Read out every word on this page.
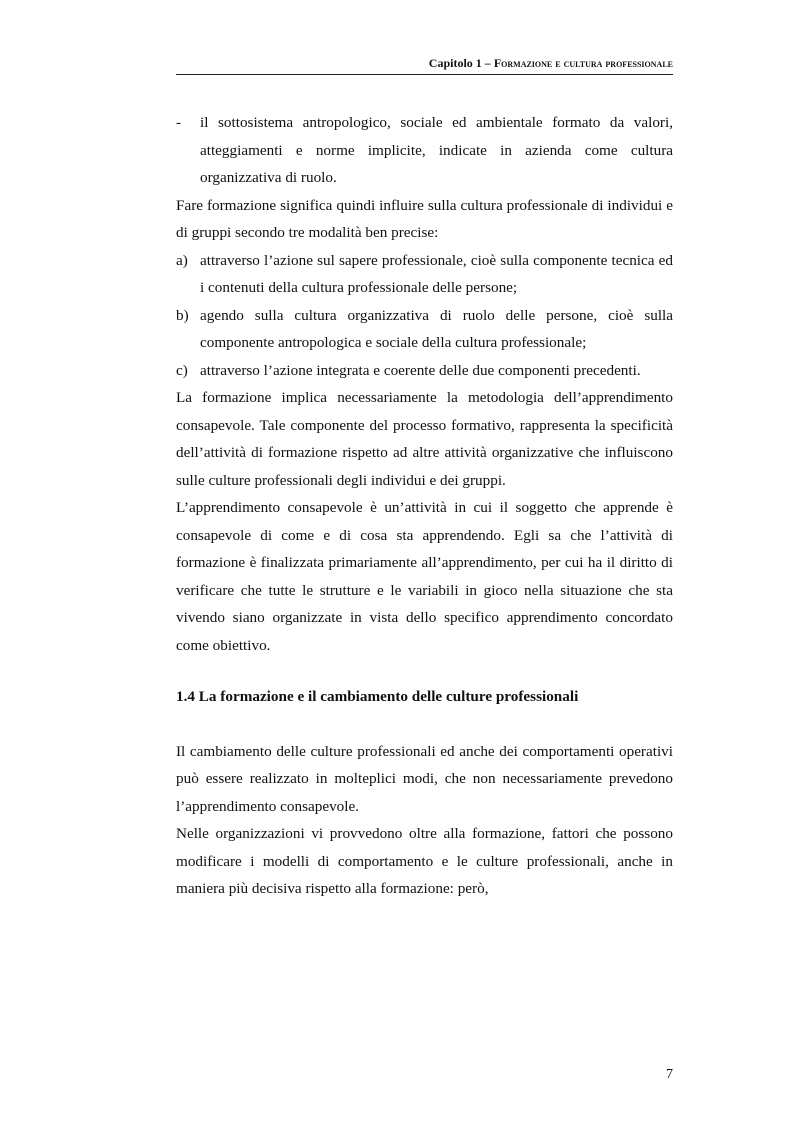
Capitolo 1 – Formazione e cultura professionale
-	il sottosistema antropologico, sociale ed ambientale formato da valori, atteggiamenti e norme implicite, indicate in azienda come cultura organizzativa di ruolo.

Fare formazione significa quindi influire sulla cultura professionale di individui e di gruppi secondo tre modalità ben precise:

a) attraverso l’azione sul sapere professionale, cioè sulla componente tecnica ed i contenuti della cultura professionale delle persone;
b) agendo sulla cultura organizzativa di ruolo delle persone, cioè sulla componente antropologica e sociale della cultura professionale;
c) attraverso l’azione integrata e coerente delle due componenti precedenti.

La formazione implica necessariamente la metodologia dell’apprendimento consapevole. Tale componente del processo formativo, rappresenta la specificità dell’attività di formazione rispetto ad altre attività organizzative che influiscono sulle culture professionali degli individui e dei gruppi.

L’apprendimento consapevole è un’attività in cui il soggetto che apprende è consapevole di come e di cosa sta apprendendo. Egli sa che l’attività di formazione è finalizzata primariamente all’apprendimento, per cui ha il diritto di verificare che tutte le strutture e le variabili in gioco nella situazione che sta vivendo siano organizzate in vista dello specifico apprendimento concordato come obiettivo.

1.4 La formazione e il cambiamento delle culture professionali

Il cambiamento delle culture professionali ed anche dei comportamenti operativi può essere realizzato in molteplici modi, che non necessariamente prevedono l’apprendimento consapevole.

Nelle organizzazioni vi provvedono oltre alla formazione, fattori che possono modificare i modelli di comportamento e le culture professionali, anche in maniera più decisiva rispetto alla formazione: però,

7
